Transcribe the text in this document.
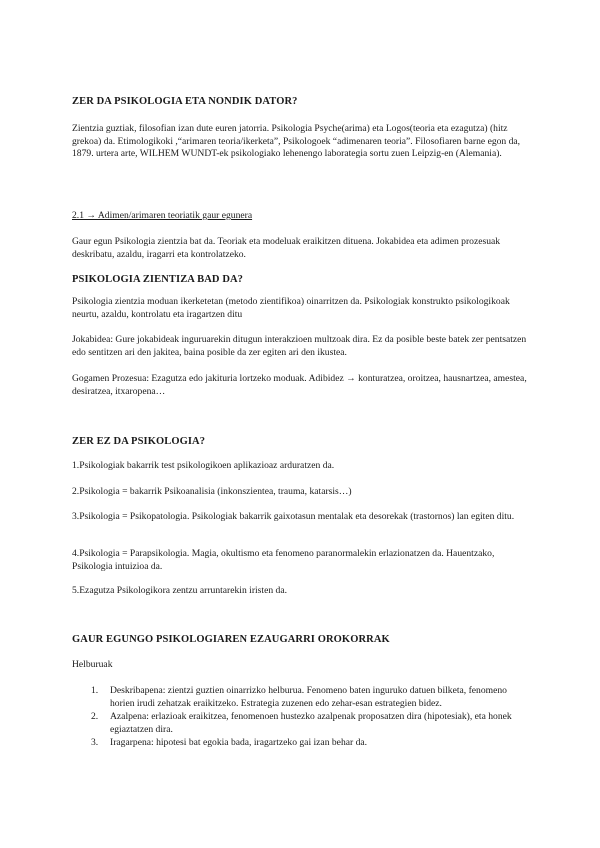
ZER DA PSIKOLOGIA ETA NONDIK DATOR?

Zientzia guztiak, filosofian izan dute euren jatorria. Psikologia Psyche(arima) eta Logos(teoria eta ezagutza) (hitz grekoa) da. Etimologikoki ,“arimaren teoria/ikerketa”, Psikologoek “adimenaren teoria”. Filosofiaren barne egon da, 1879. urtera arte, WILHEM WUNDT-ek psikologiako lehenengo laborategia sortu zuen Leipzig-en (Alemania).

2.1 → Adimen/arimaren teoriatik gaur egunera

Gaur egun Psikologia zientzia bat da. Teoriak eta modeluak eraikitzen dituena. Jokabidea eta adimen prozesuak deskribatu, azaldu, iragarri eta kontrolatzeko.

PSIKOLOGIA ZIENTIZA BAD DA?

Psikologia zientzia moduan ikerketetan (metodo zientifikoa) oinarritzen da. Psikologiak konstrukto psikologikoak neurtu, azaldu, kontrolatu eta iragartzen ditu

Jokabidea: Gure jokabideak inguruarekin ditugun interakzioen multzoak dira. Ez da posible beste batek zer pentsatzen edo sentitzen ari den jakitea, baina posible da zer egiten ari den ikustea.

Gogamen Prozesua: Ezagutza edo jakituria lortzeko moduak. Adibidez → konturatzea, oroitzea, hausnartzea, amestea, desiratzea, itxaropena…

ZER EZ DA PSIKOLOGIA?

1.Psikologiak bakarrik test psikologikoen aplikazioaz arduratzen da.

2.Psikologia = bakarrik Psikoanalisia (inkonszientea, trauma, katarsis…)

3.Psikologia = Psikopatologia. Psikologiak bakarrik gaixotasun mentalak eta desorekak (trastornos) lan egiten ditu.

4.Psikologia = Parapsikologia. Magia, okultismo eta fenomeno paranormalekin erlazionatzen da. Hauentzako, Psikologia intuizioa da.

5.Ezagutza Psikologikora zentzu arruntarekin iristen da.

GAUR EGUNGO PSIKOLOGIAREN EZAUGARRI OROKORRAK

Helburuak

1. Deskribapena: zientzi guztien oinarrizko helburua. Fenomeno baten inguruko datuen bilketa, fenomeno horien irudi zehatzak eraikitzeko. Estrategia zuzenen edo zehar-esan estrategien bidez.
2. Azalpena: erlazioak eraikitzea, fenomenoen hustezko azalpenak proposatzen dira (hipotesiak), eta honek egiaztatzen dira.
3. Iragarpena: hipotesi bat egokia bada, iragartzeko gai izan behar da.
